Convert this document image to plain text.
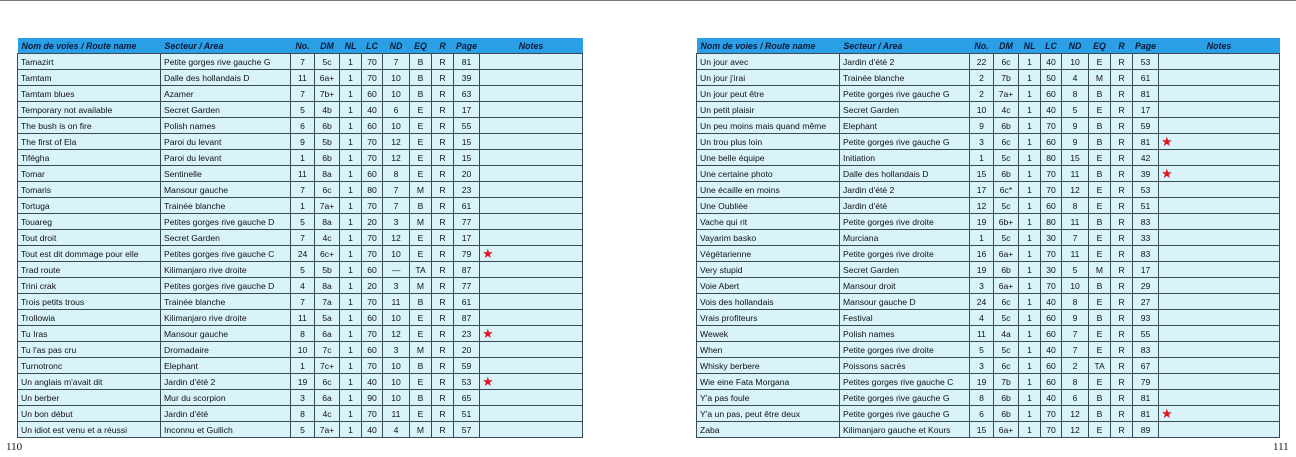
Nom de voies / Route name	Secteur / Area	No.	DM	NL	LC	ND	EQ	R	Page	Notes
Tamazirt	Petite gorges rive gauche G	7	5c	1	70	7	B	R	81	
Tamtam	Dalle des hollandais D	11	6a+	1	70	10	B	R	39	
Tamtam blues	Azamer	7	7b+	1	60	10	B	R	63	
Temporary not available	Secret Garden	5	4b	1	40	6	E	R	17	
The bush is on fire	Polish names	6	6b	1	60	10	E	R	55	
The first of Ela	Paroi du levant	9	5b	1	70	12	E	R	15	
Tifégha	Paroi du levant	1	6b	1	70	12	E	R	15	
Tomar	Sentinelle	11	8a	1	60	8	E	R	20	
Tomaris	Mansour gauche	7	6c	1	80	7	M	R	23	
Tortuga	Trainée blanche	1	7a+	1	70	7	B	R	61	
Touareg	Petites gorges rive gauche D	5	8a	1	20	3	M	R	77	
Tout droit	Secret Garden	7	4c	1	70	12	E	R	17	
Tout est dit dommage pour elle	Petites gorges rive gauche C	24	6c+	1	70	10	E	R	79	★
Trad route	Kilimanjaro rive droite	5	5b	1	60	—	TA	R	87	
Trini crak	Petites gorges rive gauche D	4	8a	1	20	3	M	R	77	
Trois petits trous	Trainée blanche	7	7a	1	70	11	B	R	61	
Trollowia	Kilimanjaro rive droite	11	5a	1	60	10	E	R	87	
Tu Iras	Mansour gauche	8	6a	1	70	12	E	R	23	★
Tu l'as pas cru	Dromadaire	10	7c	1	60	3	M	R	20	
Turnotronc	Elephant	1	7c+	1	70	10	B	R	59	
Un anglais m'avait dit	Jardin d'été 2	19	6c	1	40	10	E	R	53	★
Un berber	Mur du scorpion	3	6a	1	90	10	B	R	65	
Un bon début	Jardin d'été	8	4c	1	70	11	E	R	51	
Un idiot est venu et a réussi	Inconnu et Gullich	5	7a+	1	40	4	M	R	57	
Nom de voies / Route name	Secteur / Area	No.	DM	NL	LC	ND	EQ	R	Page	Notes
Un jour avec	Jardin d'été 2	22	6c	1	40	10	E	R	53	
Un jour j'irai	Trainée blanche	2	7b	1	50	4	M	R	61	
Un jour peut être	Petite gorges rive gauche G	2	7a+	1	60	8	B	R	81	
Un petit plaisir	Secret Garden	10	4c	1	40	5	E	R	17	
Un peu moins mais quand même	Elephant	9	6b	1	70	9	B	R	59	
Un trou plus loin	Petite gorges rive gauche G	3	6c	1	60	9	B	R	81	★
Une belle équipe	Initiation	1	5c	1	80	15	E	R	42	
Une certaine photo	Dalle des hollandais D	15	6b	1	70	11	B	R	39	★
Une écaille en moins	Jardin d'été 2	17	6c*	1	70	12	E	R	53	
Une Oubliée	Jardin d'été	12	5c	1	60	8	E	R	51	
Vache qui rit	Petite gorges rive droite	19	6b+	1	80	11	B	R	83	
Vayarim basko	Murciana	1	5c	1	30	7	E	R	33	
Végétarienne	Petite gorges rive droite	16	6a+	1	70	11	E	R	83	
Very stupid	Secret Garden	19	6b	1	30	5	M	R	17	
Voie Abert	Mansour droit	3	6a+	1	70	10	B	R	29	
Vois des hollandais	Mansour gauche D	24	6c	1	40	8	E	R	27	
Vrais profiteurs	Festival	4	5c	1	60	9	B	R	93	
Wewek	Polish names	11	4a	1	60	7	E	R	55	
When	Petite gorges rive droite	5	5c	1	40	7	E	R	83	
Whisky berbere	Poissons sacrés	3	6c	1	60	2	TA	R	67	
Wie eine Fata Morgana	Petites gorges rive gauche C	19	7b	1	60	8	E	R	79	
Y'a pas foule	Petite gorges rive gauche G	8	6b	1	40	6	B	R	81	
Y'a un pas, peut être deux	Petite gorges rive gauche G	6	6b	1	70	12	B	R	81	★
Zaba	Kilimanjaro gauche et Kours	15	6a+	1	70	12	E	R	89	
110	111
